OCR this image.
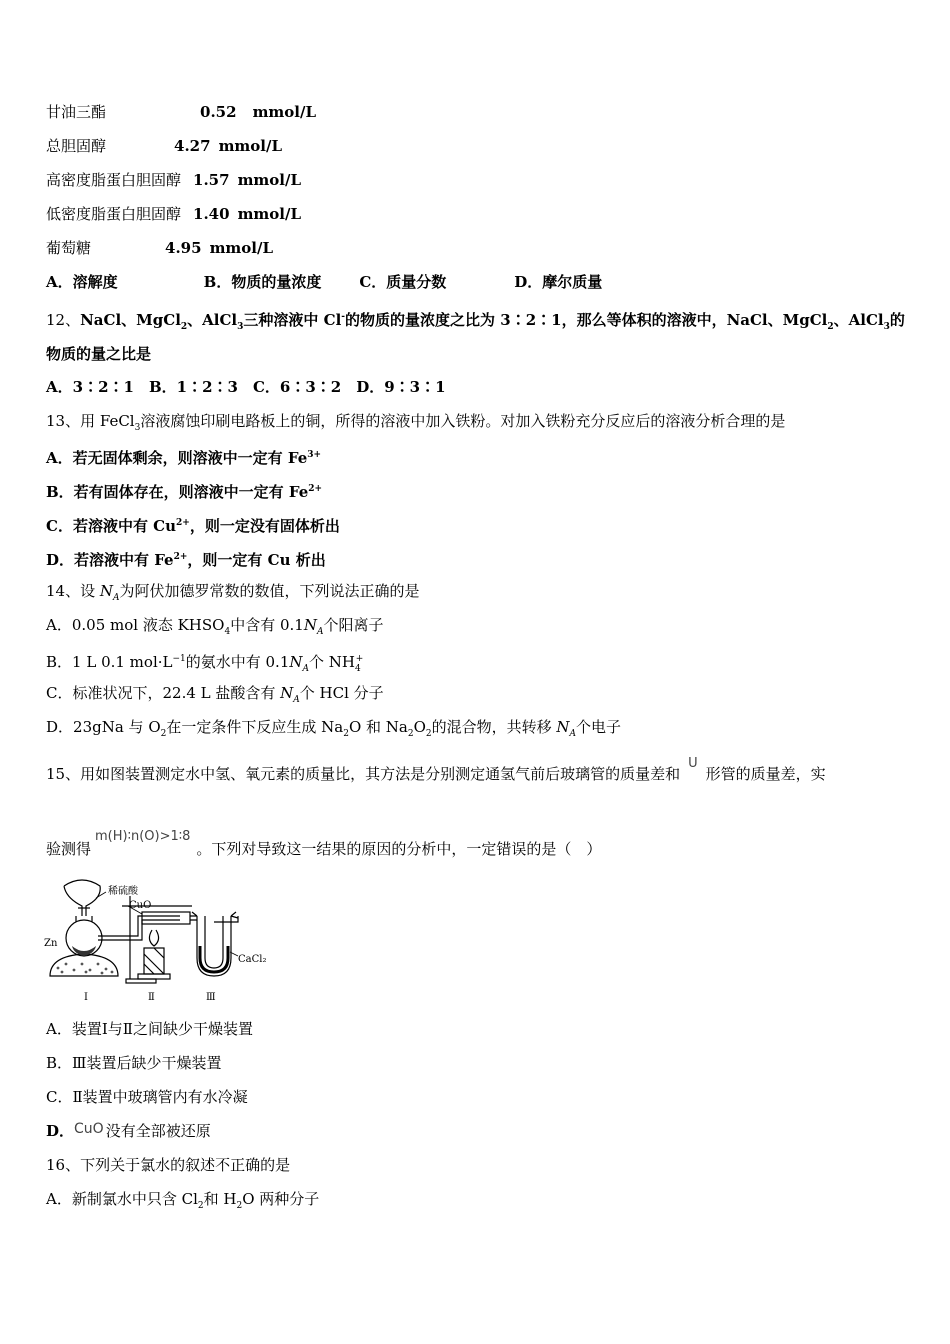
甘油三酯	0.52 mmol/L
总胆固醇	4.27 mmol/L
高密度脂蛋白胆固醇 1.57 mmol/L
低密度脂蛋白胆固醇 1.40 mmol/L
葡萄糖	4.95 mmol/L
A．溶解度	B．物质的量浓度	C．质量分数	D．摩尔质量
12、NaCl、MgCl$_2$、AlCl$_3$三种溶液中 Cl-的物质的量浓度之比为 3∶2∶1，那么等体积的溶液中，NaCl、MgCl$_2$、AlCl$_3$的
物质的量之比是
A．3∶2∶1　B．1∶2∶3　C．6∶3∶2　D．9∶3∶1
13、用 FeCl$_3$溶液腐蚀印刷电路板上的铜，所得的溶液中加入铁粉。对加入铁粉充分反应后的溶液分析合理的是
A．若无固体剩余，则溶液中一定有 $Fe^{3+}$
B．若有固体存在，则溶液中一定有 $Fe^{2+}$
C．若溶液中有 $Cu^{2+}$，则一定没有固体析出
D．若溶液中有 $Fe^{2+}$，则一定有 Cu 析出
14、设 $N_A$为阿伏加德罗常数的数值，下列说法正确的是
A．0.05 mol 液态 $KHSO_4$中含有 $0.1N_A$个阳离子
B．1 L 0.1 $mol\cdot L^{-1}$的氨水中有 $0.1N_A$个 $NH_4^+$
C．标准状况下，22.4 L 盐酸含有 $N_A$个 HCl 分子
D．23gNa 与 $O_2$在一定条件下反应生成 $Na_2O$ 和 $Na_2O_2$的混合物，共转移 $N_A$个电子
15、用如图装置测定水中氢、氧元素的质量比，其方法是分别测定通氢气前后玻璃管的质量差和U形管的质量差，实
验测得m(H)∶n(O)>1∶8。下列对导致这一结果的原因的分析中，一定错误的是（　）
稀硫酸
CuO
Zn
CaCl₂
Ⅰ	Ⅱ	Ⅲ
A．装置Ⅰ与Ⅱ之间缺少干燥装置
B．Ⅲ装置后缺少干燥装置
C．Ⅱ装置中玻璃管内有水冷凝
D．CuO 没有全部被还原
16、下列关于氯水的叙述不正确的是
A．新制氯水中只含 $Cl_2$和 $H_2O$ 两种分子
